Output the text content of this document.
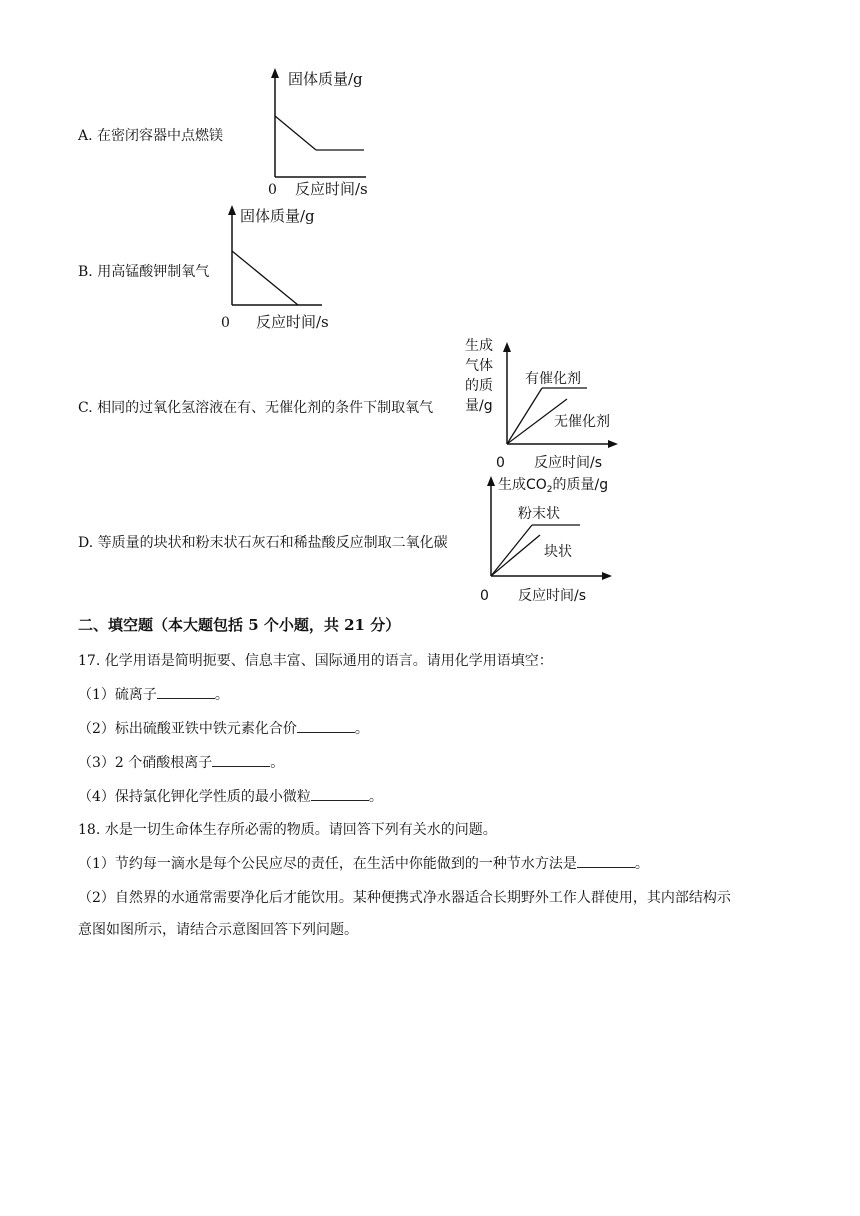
A. 在密闭容器中点燃镁
固体质量/g
0 反应时间/s
B. 用高锰酸钾制氧气
固体质量/g
0 反应时间/s
C. 相同的过氧化氢溶液在有、无催化剂的条件下制取氧气
生成
气体
的质
量/g
有催化剂
无催化剂
0 反应时间/s
D. 等质量的块状和粉末状石灰石和稀盐酸反应制取二氧化碳
生成$CO_2$的质量/g
粉末状
块状
0 反应时间/s
二、填空题（本大题包括 5 个小题，共 21 分）
17. 化学用语是简明扼要、信息丰富、国际通用的语言。请用化学用语填空：
（1）硫离子	。
（2）标出硫酸亚铁中铁元素化合价	。
（3）2 个硝酸根离子	。
（4）保持氯化钾化学性质的最小微粒	。
18. 水是一切生命体生存所必需的物质。请回答下列有关水的问题。
（1）节约每一滴水是每个公民应尽的责任，在生活中你能做到的一种节水方法是	。
（2）自然界的水通常需要净化后才能饮用。某种便携式净水器适合长期野外工作人群使用，其内部结构示
意图如图所示，请结合示意图回答下列问题。
